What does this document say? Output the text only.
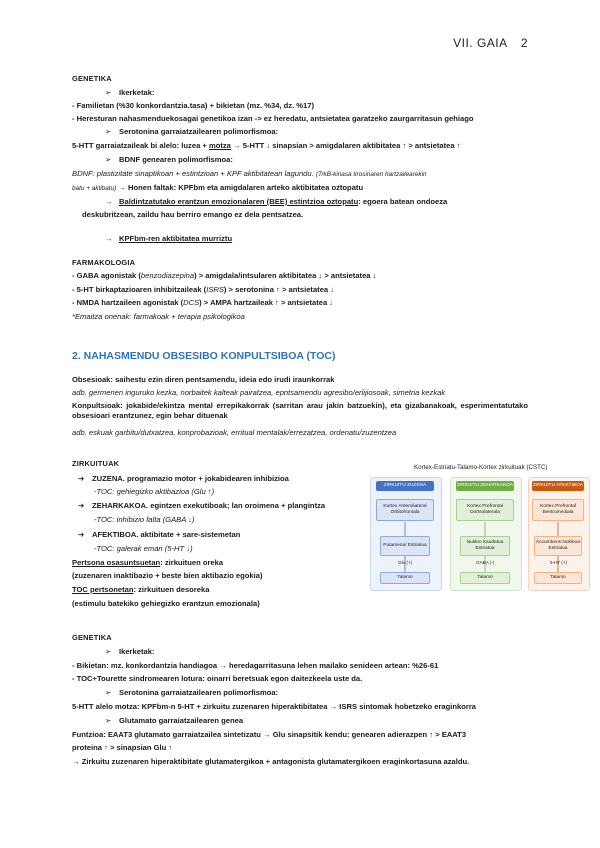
VII. GAIA 2
GENETIKA
➢ Ikerketak:
- Familietan (%30 konkordantzia.tasa) + bikietan (mz. %34, dz. %17)
- Heresturan nahasmenduekosagai genetikoa izan -> ez heredatu, antsietatea garatzeko zaurgarritasun gehiago
➢ Serotonina garraiatzailearen polimorfismoa:
5-HTT garraiatzaileak bi alelo: luzea + motza → 5-HTT ↓ sinapsian > amigdalaren aktibitatea ↑ > antsietatea ↑
➢ BDNF genearen polimorfismoa:
BDNF: plastizitate sinaptikoan + estintzioan + KPF aktibitatean lagundu. (TrkB-kinasa tirosinaren hartzailearekin
batu + aktibatu) → Honen faltak: KPFbm eta amigdalaren arteko aktibitatea oztopatu
→ Baldintzatutako erantzun emozionalaren (BEE) estintzioa oztopatu: egoera batean ondoeza
deskubritzean, zaildu hau berriro emango ez dela pentsatzea.
→ KPFbm-ren aktibitatea murriztu
FARMAKOLOGIA
- GABA agonistak (benzodiazepina) > amigdala/intsularen aktibitatea ↓ > antsietatea ↓
- 5-HT birkaptazioaren inhibitzaileak (ISRS) > serotonina ↑ > antsietatea ↓
- NMDA hartzaileen agonistak (DCS) > AMPA hartzaileak ↑ > antsietatea ↓
*Emaitza onenak: farmakoak + terapia psikologikoa
2. NAHASMENDU OBSESIBO KONPULTSIBOA (TOC)
Obsesioak: saihestu ezin diren pentsamendu, ideia edo irudi iraunkorrak
adb. germenen inguruko kezka, norbaitek kalteak pairatzea, epntsamendu agresibo/erlijiosoak, simetria kezkak
Konpultsioak: jokabide/ekintza mental errepikakorrak (sarritan arau jakin batzuekin), eta gizabanakoak, esperimentatutako obsesioari erantzunez, egin behar dituenak
adb. eskuak garbitu/dutxatzea, konprobazioak, erritual mentalak/errezatzea, ordenatu/zuzentzea
ZIRKUITUAK
➔ ZUZENA. programazio motor + jokabidearen inhibizioa
-TOC: gehiegizko aktibazioa (Glu ↑)
➔ ZEHARKAKOA. egintzen exekutiboak; lan oroimena + plangintza
-TOC: inhibizio falta (GABA ↓)
➔ AFEKTIBOA. aktibitate + sare-sistemetan
-TOC: galerak eman (5-HT ↓)
Pertsona osasuntsuetan: zirkuituen oreka
(zuzenaren inaktibazio + beste bien aktibazio egokia)
TOC pertsonetan: zirkuituen desoreka
(estimulu batekiko gehiegizko erantzun emozionala)
Kortex-Estriatu-Talamo-Kortex zirkuituak (CSTC)
ZIRKUITU ZUZENA
Kortex Anteroliateral Orbitofrontala
Putamena/ Estriatua
Glu (+)
Talamo
ZIRKUITU ZEHARKAKOA
Kortex Prefrontal Dortsolaterala
Nukleo Kaudatua Estriatua
GABA (-)
Talamo
ZIRKUITU AFEKTIBOA
Kortex Prefrontal Bentromediala
Accumbens Nukleoa Estriatua
5-HT (+)
Talamo
GENETIKA
➢ Ikerketak:
- Bikietan: mz. konkordantzia handiagoa → heredagarritasuna lehen mailako senideen artean: %26-61
- TOC+Tourette sindromearen lotura: oinarri beretsuak egon daitezkeela uste da.
➢ Serotonina garraiatzailearen polimorfismoa:
5-HTT alelo motza: KPFbm-n 5-HT + zirkuitu zuzenaren hiperaktibitatea → ISRS sintomak hobetzeko eraginkorra
➢ Glutamato garraiatzailearen genea
Funtzioa: EAAT3 glutamato garraiatzailea sintetizatu → Glu sinapsitik kendu: genearen adierazpen ↑ > EAAT3
proteina ↑ > sinapsian Glu ↑
→ Zirkuitu zuzenaren hiperaktibitate glutamatergikoa + antagonista glutamatergikoen eraginkortasuna azaldu.
